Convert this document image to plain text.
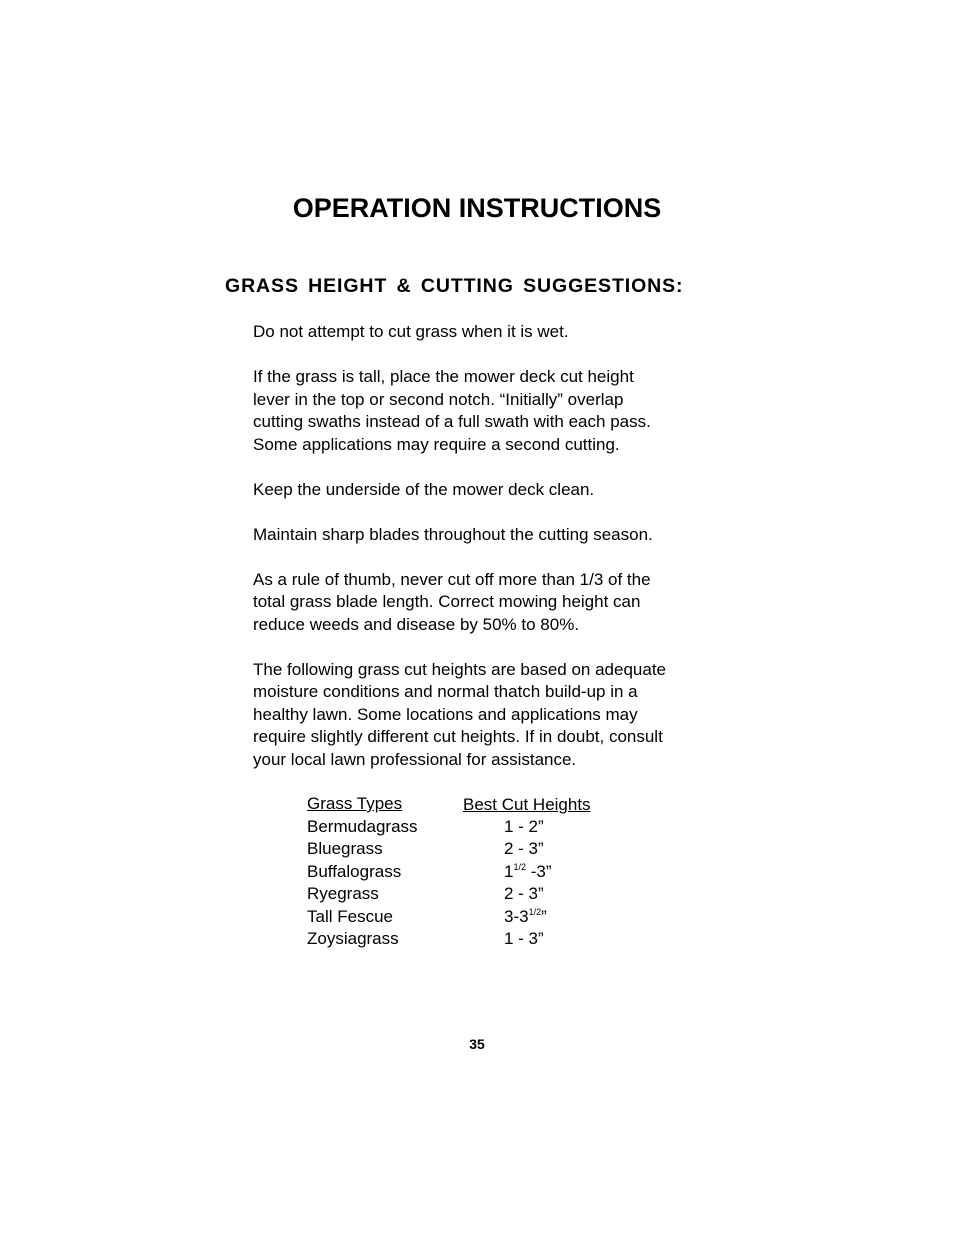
OPERATION INSTRUCTIONS
GRASS HEIGHT & CUTTING SUGGESTIONS:

Do not attempt to cut grass when it is wet.

If the grass is tall, place the mower deck cut height
lever in the top or second notch. “Initially” overlap
cutting swaths instead of a full swath with each pass.
Some applications may require a second cutting.

Keep the underside of the mower deck clean.

Maintain sharp blades throughout the cutting season.

As a rule of thumb, never cut off more than 1/3 of the
total grass blade length. Correct mowing height can
reduce weeds and disease by 50% to 80%.

The following grass cut heights are based on adequate
moisture conditions and normal thatch build-up in a
healthy lawn. Some locations and applications may
require slightly different cut heights. If in doubt, consult
your local lawn professional for assistance.

Grass Types	Best Cut Heights
Bermudagrass	1 - 2”
Bluegrass	2 - 3”
Buffalograss	$1^{1/2}$ -3”
Ryegrass	2 - 3”
Tall Fescue	$3-3^{1/2}$”
Zoysiagrass	1 - 3”
35
